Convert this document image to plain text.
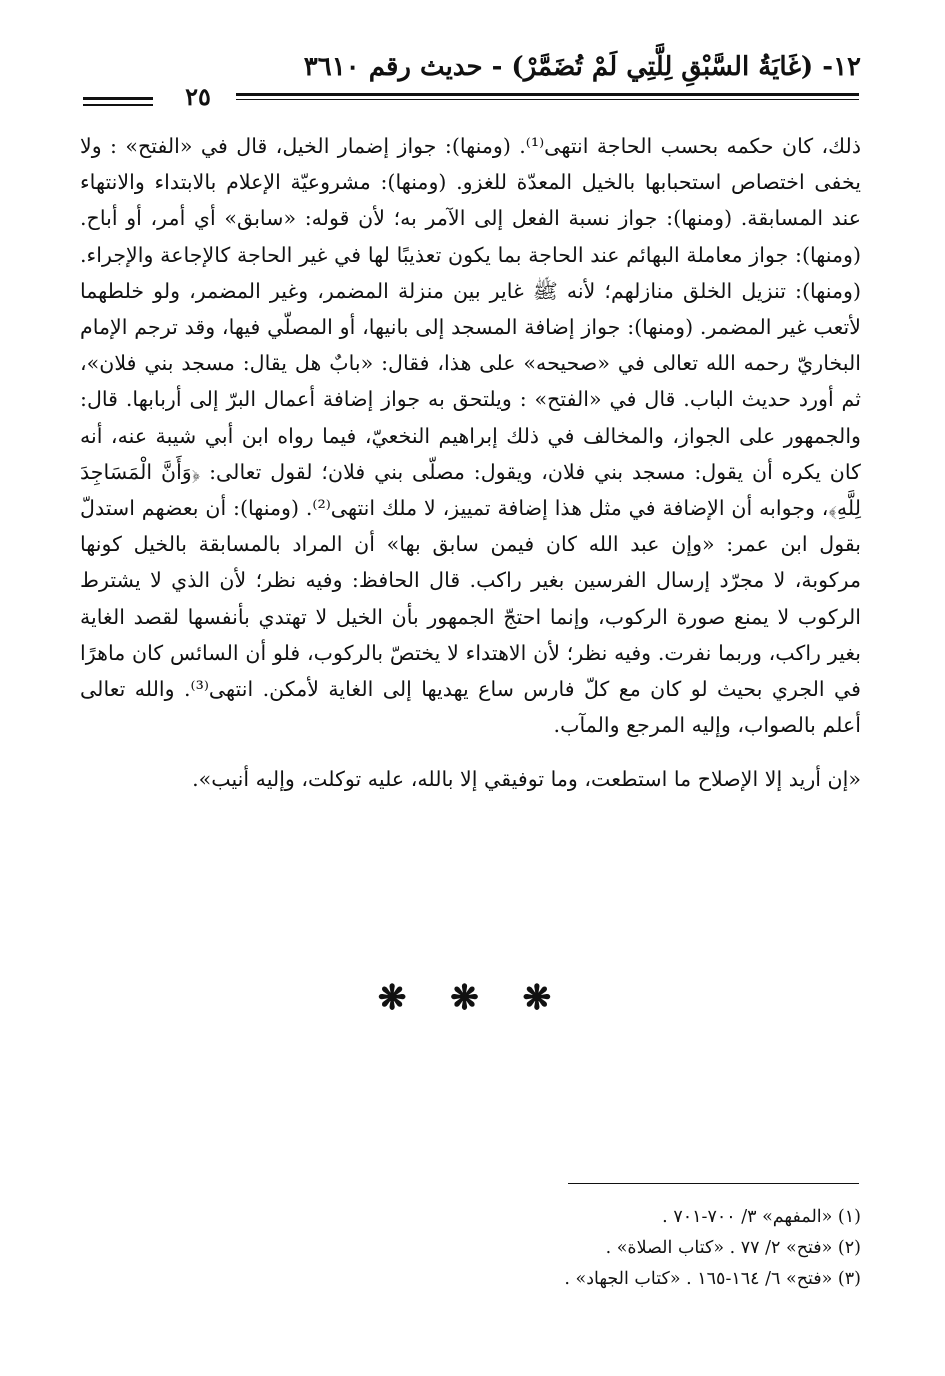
١٢- (غَايَةُ السَّبْقِ لِلَّتِي لَمْ تُضَمَّرْ) - حديث رقم ٣٦١٠
٢٥

ذلك، كان حكمه بحسب الحاجة انتهى⁽¹⁾. (ومنها): جواز إضمار الخيل، قال في «الفتح» : ولا يخفى اختصاص استحبابها بالخيل المعدّة للغزو. (ومنها): مشروعيّة الإعلام بالابتداء والانتهاء عند المسابقة. (ومنها): جواز نسبة الفعل إلى الآمر به؛ لأن قوله: «سابق» أي أمر، أو أباح. (ومنها): جواز معاملة البهائم عند الحاجة بما يكون تعذيبًا لها في غير الحاجة كالإجاعة والإجراء. (ومنها): تنزيل الخلق منازلهم؛ لأنه ﷺ غاير بين منزلة المضمر، وغير المضمر، ولو خلطهما لأتعب غير المضمر. (ومنها): جواز إضافة المسجد إلى بانيها، أو المصلّي فيها، وقد ترجم الإمام البخاريّ رحمه الله تعالى في «صحيحه» على هذا، فقال: «بابٌ هل يقال: مسجد بني فلان»، ثم أورد حديث الباب. قال في «الفتح» : ويلتحق به جواز إضافة أعمال البرّ إلى أربابها. قال: والجمهور على الجواز، والمخالف في ذلك إبراهيم النخعيّ، فيما رواه ابن أبي شيبة عنه، أنه كان يكره أن يقول: مسجد بني فلان، ويقول: مصلّى بني فلان؛ لقول تعالى: ﴿وَأَنَّ الْمَسَاجِدَ لِلَّهِ﴾، وجوابه أن الإضافة في مثل هذا إضافة تمييز، لا ملك انتهى⁽²⁾. (ومنها): أن بعضهم استدلّ بقول ابن عمر: «وإن عبد الله كان فيمن سابق بها» أن المراد بالمسابقة بالخيل كونها مركوبة، لا مجرّد إرسال الفرسين بغير راكب. قال الحافظ: وفيه نظر؛ لأن الذي لا يشترط الركوب لا يمنع صورة الركوب، وإنما احتجّ الجمهور بأن الخيل لا تهتدي بأنفسها لقصد الغاية بغير راكب، وربما نفرت. وفيه نظر؛ لأن الاهتداء لا يختصّ بالركوب، فلو أن السائس كان ماهرًا في الجري بحيث لو كان مع كلّ فارس ساع يهديها إلى الغاية لأمكن. انتهى⁽³⁾. والله تعالى أعلم بالصواب، وإليه المرجع والمآب.

«إن أريد إلا الإصلاح ما استطعت، وما توفيقي إلا بالله، عليه توكلت، وإليه أنيب».

❋ ❋ ❋
(١) «المفهم» ٣/ ٧٠٠-٧٠١ .
(٢) «فتح» ٢/ ٧٧ . «كتاب الصلاة» .
(٣) «فتح» ٦/ ١٦٤-١٦٥ . «كتاب الجهاد» .
